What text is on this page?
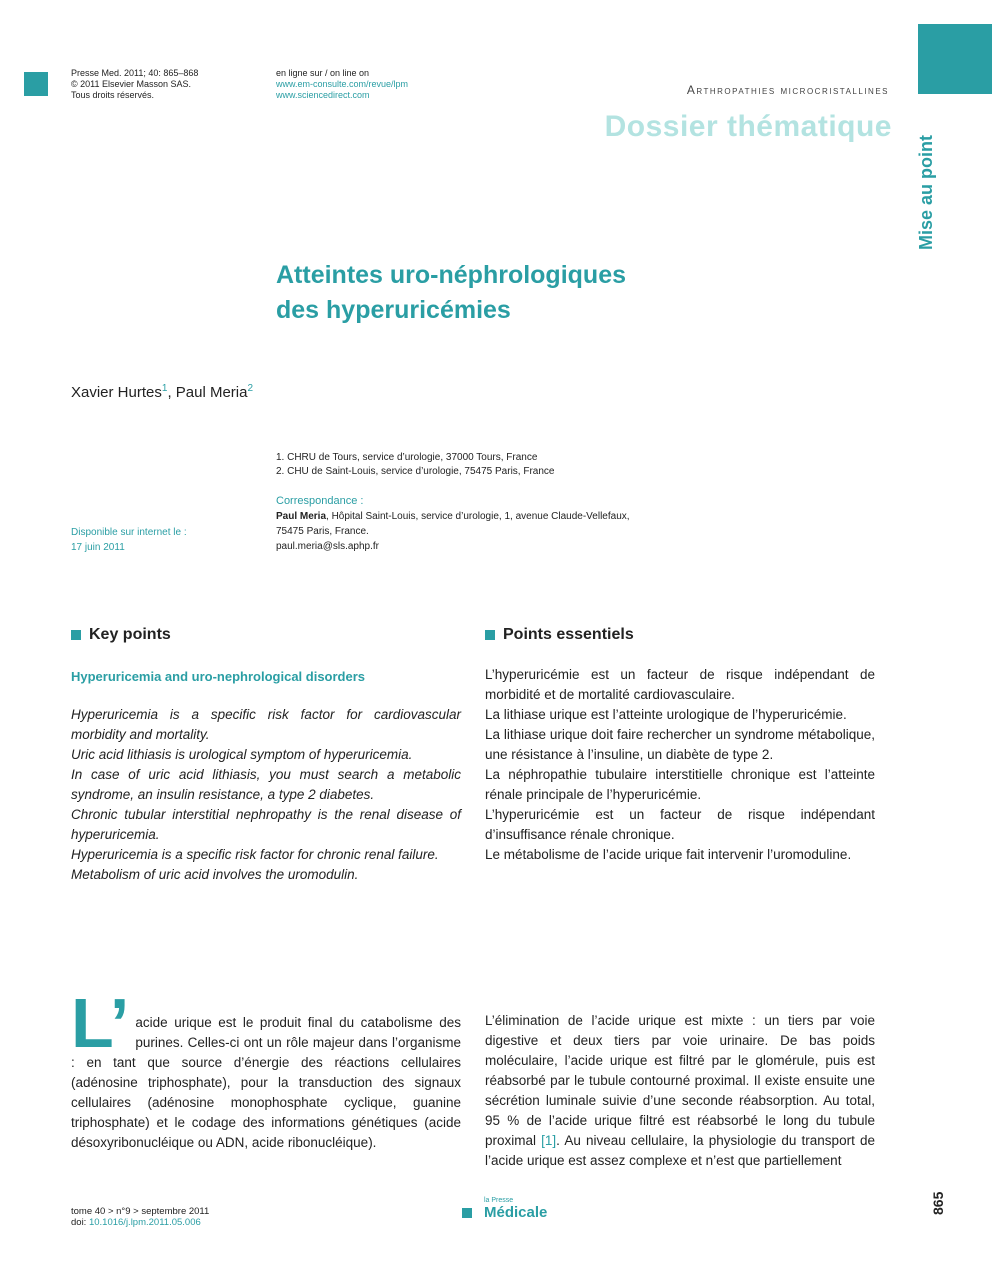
Presse Med. 2011; 40: 865–868
© 2011 Elsevier Masson SAS.
Tous droits réservés.
en ligne sur / on line on
www.em-consulte.com/revue/lpm
www.sciencedirect.com	Arthropathies microcristallines
Dossier thématique
Mise au point
Atteintes uro-néphrologiques
des hyperuricémies
Xavier Hurtes$^1$, Paul Meria$^2$
1. CHRU de Tours, service d’urologie, 37000 Tours, France
2. CHU de Saint-Louis, service d’urologie, 75475 Paris, France
Correspondance :
Paul Meria, Hôpital Saint-Louis, service d’urologie, 1, avenue Claude-Vellefaux,
75475 Paris, France.
paul.meria@sls.aphp.fr
Disponible sur internet le :
17 juin 2011
Key points	Points essentiels
Hyperuricemia and uro-nephrological disorders
Hyperuricemia is a specific risk factor for cardiovascular morbidity and mortality.
Uric acid lithiasis is urological symptom of hyperuricemia.
In case of uric acid lithiasis, you must search a metabolic syndrome, an insulin resistance, a type 2 diabetes.
Chronic tubular interstitial nephropathy is the renal disease of hyperuricemia.
Hyperuricemia is a specific risk factor for chronic renal failure.
Metabolism of uric acid involves the uromodulin.
L’hyperuricémie est un facteur de risque indépendant de morbidité et de mortalité cardiovasculaire.
La lithiase urique est l’atteinte urologique de l’hyperuricémie.
La lithiase urique doit faire rechercher un syndrome métabolique, une résistance à l’insuline, un diabète de type 2.
La néphropathie tubulaire interstitielle chronique est l’atteinte rénale principale de l’hyperuricémie.
L’hyperuricémie est un facteur de risque indépendant d’insuffisance rénale chronique.
Le métabolisme de l’acide urique fait intervenir l’uromoduline.
L’ acide urique est le produit final du catabolisme des purines. Celles-ci ont un rôle majeur dans l’organisme : en tant que source d’énergie des réactions cellulaires (adénosine triphosphate), pour la transduction des signaux cellulaires (adénosine monophosphate cyclique, guanine triphosphate) et le codage des informations génétiques (acide désoxyribonucléique ou ADN, acide ribonucléique).
L’élimination de l’acide urique est mixte : un tiers par voie digestive et deux tiers par voie urinaire. De bas poids moléculaire, l’acide urique est filtré par le glomérule, puis est réabsorbé par le tubule contourné proximal. Il existe ensuite une sécrétion luminale suivie d’une seconde réabsorption. Au total, 95 % de l’acide urique filtré est réabsorbé le long du tubule proximal [1]. Au niveau cellulaire, la physiologie du transport de l’acide urique est assez complexe et n’est que partiellement
tome 40 > n°9 > septembre 2011
doi: 10.1016/j.lpm.2011.05.006
la Presse
Médicale	865
